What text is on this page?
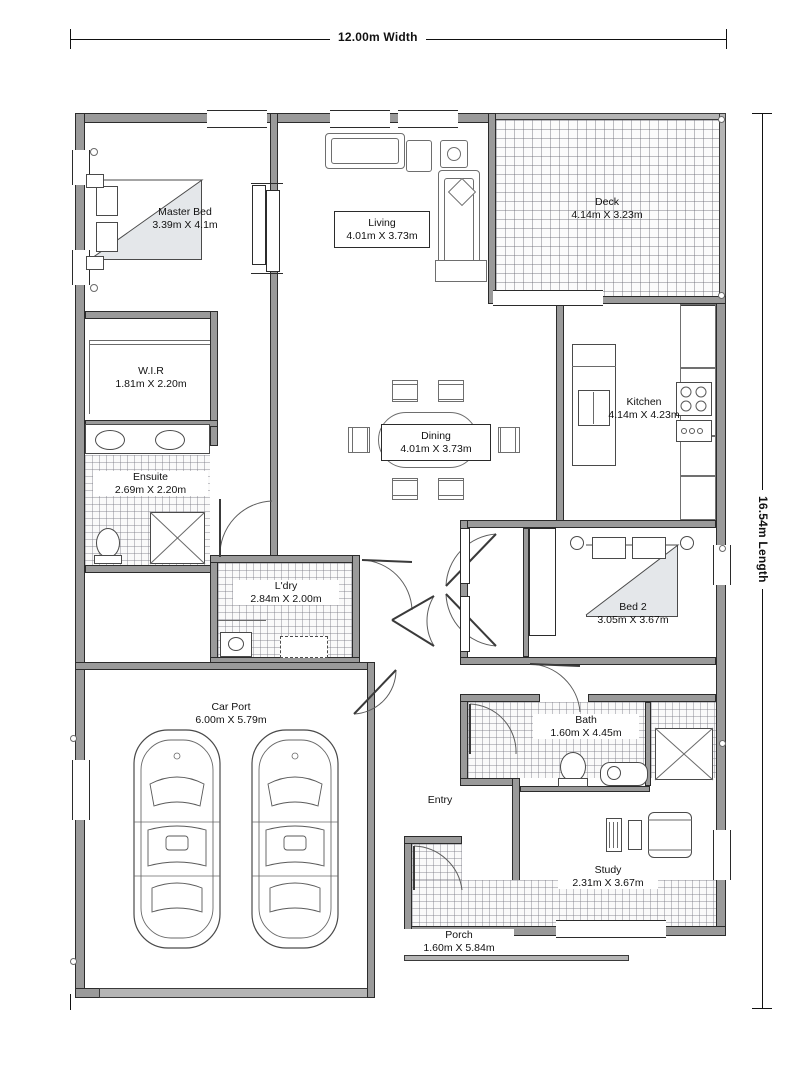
12.00m Width
16.54m Length
Master Bed
3.39m X 4.1m	Living
4.01m X 3.73m
Deck
4.14m X 3.23m
W.I.R
1.81m X 2.20m
Kitchen
4.14m X 4.23m
Dining
4.01m X 3.73m
Ensuite
2.69m X 2.20m
L'dry
2.84m X 2.00m
Bed 2
3.05m X 3.67m
Car Port
6.00m X 5.79m	Bath
1.60m X 4.45m
Study
2.31m X 3.67m
Entry
Porch
1.60m X 5.84m
